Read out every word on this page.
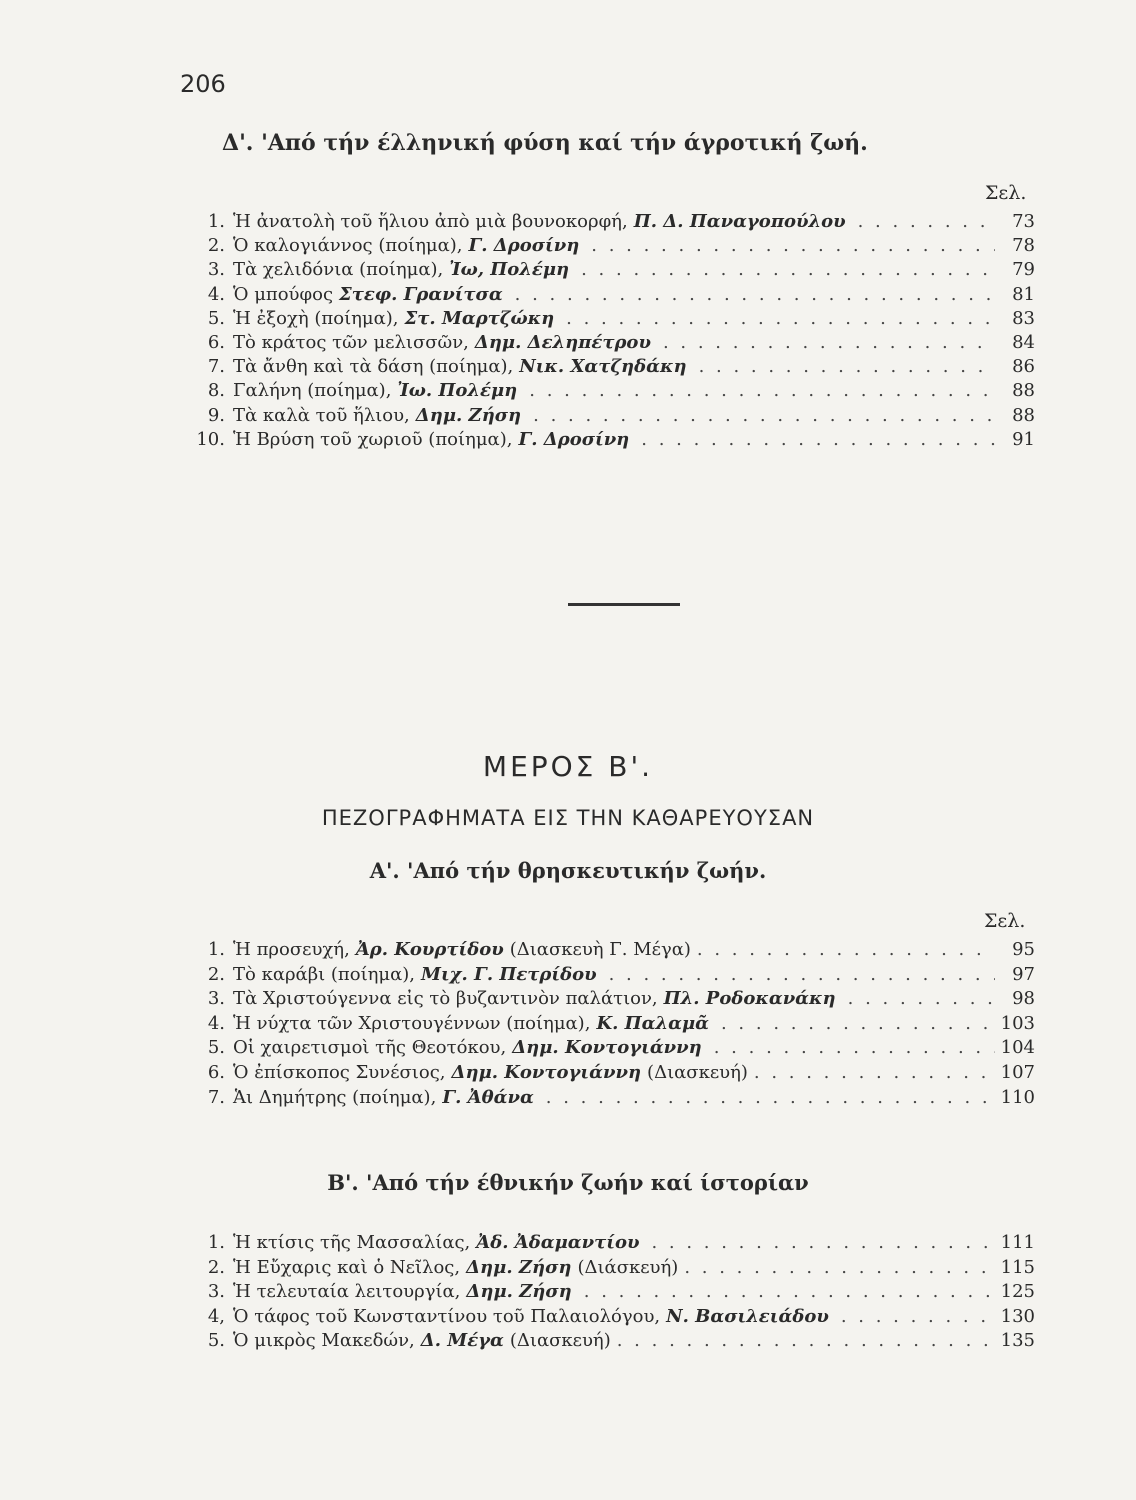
206
Δ'. 'Από τήν έλληνική φύση καί τήν άγροτική ζωή.
Σελ.
1. Ἡ ἀνατολὴ τοῦ ἥλιου ἀπὸ μιὰ βουνοκορφή, Π. Δ. Παναγοπούλου . . .	73
2. Ὁ καλογιάννος (ποίημα), Γ. Δροσίνη . . .	78
3. Τὰ χελιδόνια (ποίημα), Ἰω, Πολέμη . . .	79
4. Ὁ μπούφος Στεφ. Γρανίτσα . . .	81
5. Ἡ ἐξοχὴ (ποίημα), Στ. Μαρτζώκη . . .	83
6. Τὸ κράτος τῶν μελισσῶν, Δημ. Δεληπέτρου . . .	84
7. Τὰ ἄνθη καὶ τὰ δάση (ποίημα), Νικ. Χατζηδάκη . . .	86
8. Γαλήνη (ποίημα), Ἰω. Πολέμη . . .	88
9. Τὰ καλὰ τοῦ ἥλιου, Δημ. Ζήση . . .	88
10. Ἡ Βρύση τοῦ χωριοῦ (ποίημα), Γ. Δροσίνη . . .	91
ΜΕΡΟΣ Β'.
ΠΕΖΟΓΡΑΦΗΜΑΤΑ ΕΙΣ ΤΗΝ ΚΑΘΑΡΕΥΟΥΣΑΝ
Α'. 'Από τήν θρησκευτικήν ζωήν.
Σελ.
1. Ἡ προσευχή, Ἀρ. Κουρτίδου (Διασκευὴ Γ. Μέγα) . . .	95
2. Τὸ καράβι (ποίημα), Μιχ. Γ. Πετρίδου . . .	97
3. Τὰ Χριστούγεννα εἰς τὸ βυζαντινὸν παλάτιον, Πλ. Ροδοκανάκη . . .	98
4. Ἡ νύχτα τῶν Χριστουγέννων (ποίημα), Κ. Παλαμᾶ . . .	103
5. Οἱ χαιρετισμοὶ τῆς Θεοτόκου, Δημ. Κοντογιάννη . . .	104
6. Ὁ ἐπίσκοπος Συνέσιος, Δημ. Κοντογιάννη (Διασκευή) . . .	107
7. Ἁι Δημήτρης (ποίημα), Γ. Ἀθάνα . . .	110
Β'. 'Από τήν έθνικήν ζωήν καί ίστορίαν
1. Ἡ κτίσις τῆς Μασσαλίας, Ἀδ. Ἀδαμαντίου . . .	111
2. Ἡ Εὔχαρις καὶ ὁ Νεῖλος, Δημ. Ζήση (Διάσκευή) . . .	115
3. Ἡ τελευταία λειτουργία, Δημ. Ζήση . . .	125
4, Ὁ τάφος τοῦ Κωνσταντίνου τοῦ Παλαιολόγου, Ν. Βασιλειάδου . . .	130
5. Ὁ μικρὸς Μακεδών, Δ. Μέγα (Διασκευή) . . .	135
